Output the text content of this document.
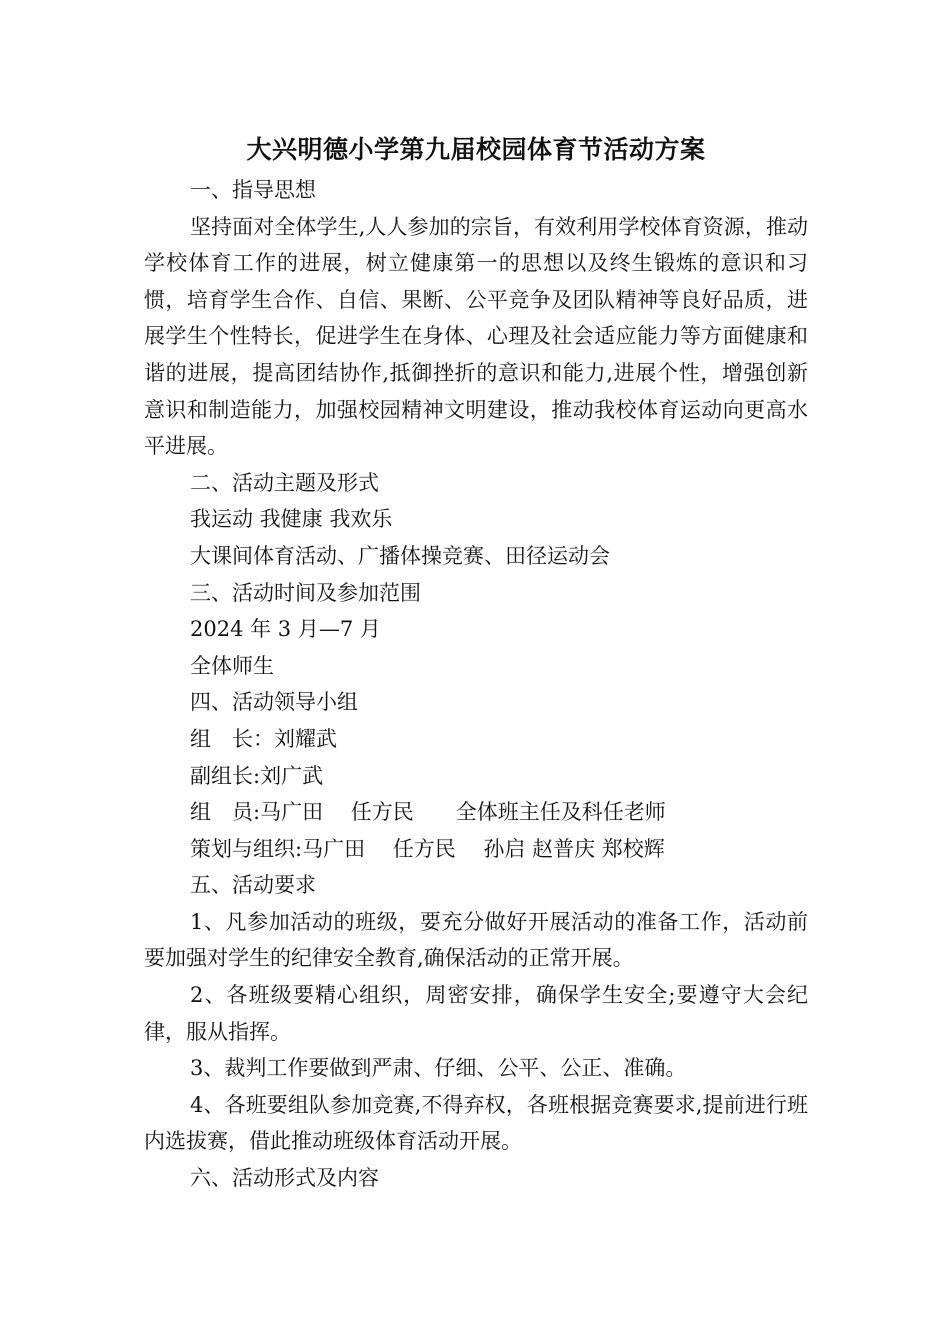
大兴明德小学第九届校园体育节活动方案

一、指导思想

坚持面对全体学生,人人参加的宗旨，有效利用学校体育资源，推动学校体育工作的进展，树立健康第一的思想以及终生锻炼的意识和习惯，培育学生合作、自信、果断、公平竞争及团队精神等良好品质，进展学生个性特长，促进学生在身体、心理及社会适应能力等方面健康和谐的进展，提高团结协作,抵御挫折的意识和能力,进展个性，增强创新意识和制造能力，加强校园精神文明建设，推动我校体育运动向更高水平进展。

二、活动主题及形式

我运动 我健康 我欢乐

大课间体育活动、广播体操竞赛、田径运动会

三、活动时间及参加范围

2024 年 3 月—7 月

全体师生

四、活动领导小组

组　长：刘耀武

副组长:刘广武

组　员:马广田　 任方民　　全体班主任及科任老师

策划与组织:马广田　 任方民　 孙启 赵普庆 郑校辉

五、活动要求

1、凡参加活动的班级，要充分做好开展活动的准备工作，活动前要加强对学生的纪律安全教育,确保活动的正常开展。

2、各班级要精心组织，周密安排，确保学生安全;要遵守大会纪律，服从指挥。

3、裁判工作要做到严肃、仔细、公平、公正、准确。

4、各班要组队参加竞赛,不得弃权，各班根据竞赛要求,提前进行班内选拔赛，借此推动班级体育活动开展。

六、活动形式及内容
